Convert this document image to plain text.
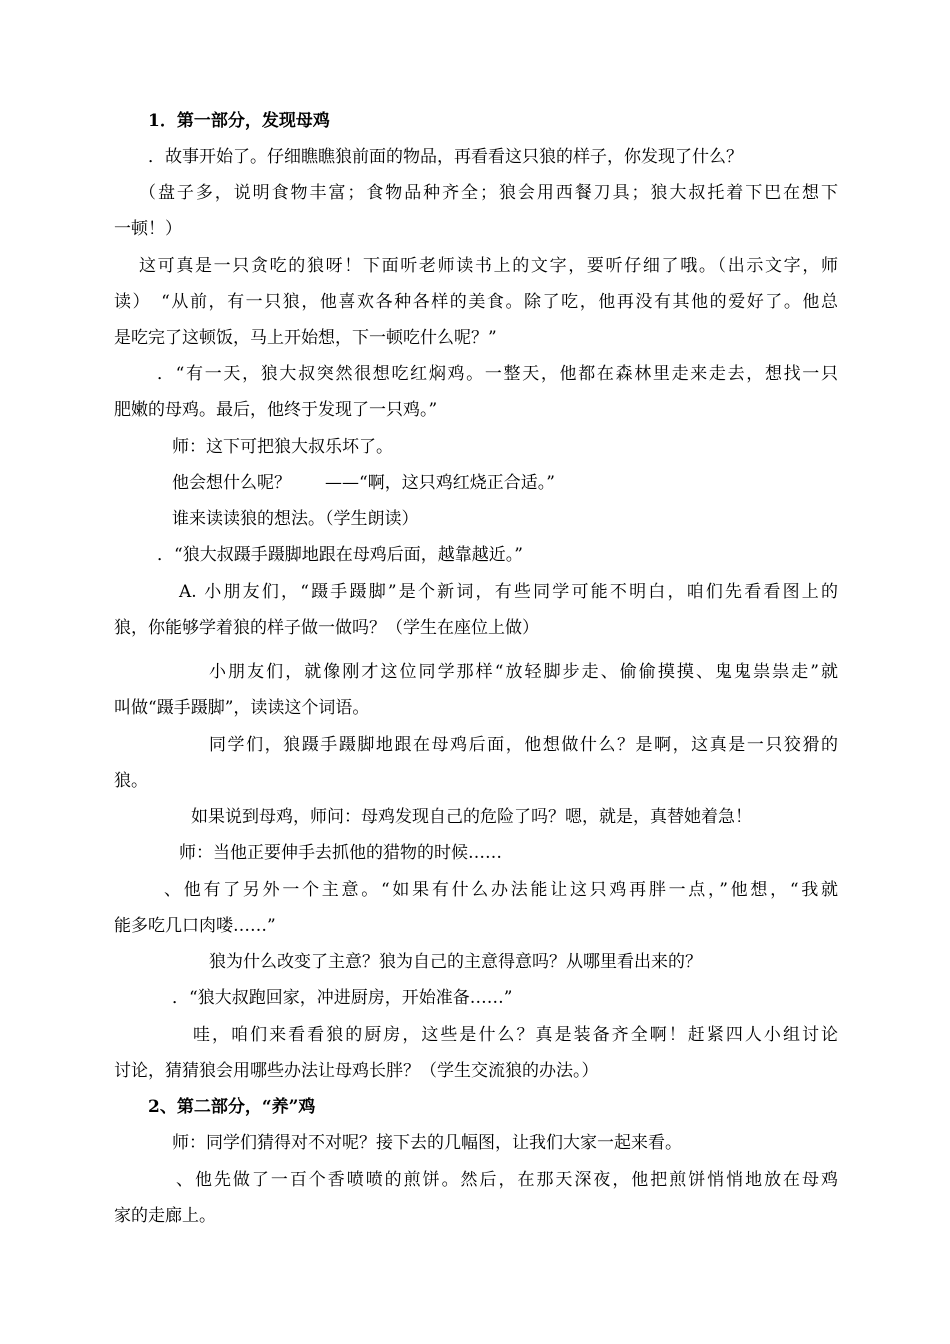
1．第一部分，发现母鸡
．故事开始了。仔细瞧瞧狼前面的物品，再看看这只狼的样子，你发现了什么？
（盘子多，说明食物丰富；食物品种齐全；狼会用西餐刀具；狼大叔托着下巴在想下
一顿！）
这可真是一只贪吃的狼呀！下面听老师读书上的文字，要听仔细了哦。（出示文字，师
读）　“从前，有一只狼，他喜欢各种各样的美食。除了吃，他再没有其他的爱好了。他总
是吃完了这顿饭，马上开始想，下一顿吃什么呢？”
．“有一天，狼大叔突然很想吃红焖鸡。一整天，他都在森林里走来走去，想找一只
肥嫩的母鸡。最后，他终于发现了一只鸡。”
师：这下可把狼大叔乐坏了。
他会想什么呢？　　——“啊，这只鸡红烧正合适。”
谁来读读狼的想法。（学生朗读）
．“狼大叔蹑手蹑脚地跟在母鸡后面，越靠越近。”
A. 小朋友们，“蹑手蹑脚”是个新词，有些同学可能不明白，咱们先看看图上的
狼，你能够学着狼的样子做一做吗？（学生在座位上做）
小朋友们，就像刚才这位同学那样“放轻脚步走、偷偷摸摸、鬼鬼祟祟走”就
叫做“蹑手蹑脚”，读读这个词语。
同学们，狼蹑手蹑脚地跟在母鸡后面，他想做什么？是啊，这真是一只狡猾的
狼。
如果说到母鸡，师问：母鸡发现自己的危险了吗？嗯，就是，真替她着急！
师：当他正要伸手去抓他的猎物的时候……
、他有了另外一个主意。“如果有什么办法能让这只鸡再胖一点，”他想，“我就
能多吃几口肉喽……”
狼为什么改变了主意？狼为自己的主意得意吗？从哪里看出来的？
．“狼大叔跑回家，冲进厨房，开始准备……”
哇，咱们来看看狼的厨房，这些是什么？真是装备齐全啊！赶紧四人小组讨论
讨论，猜猜狼会用哪些办法让母鸡长胖？（学生交流狼的办法。）
2、第二部分，“养”鸡
师：同学们猜得对不对呢？接下去的几幅图，让我们大家一起来看。
、他先做了一百个香喷喷的煎饼。然后，在那天深夜，他把煎饼悄悄地放在母鸡
家的走廊上。
